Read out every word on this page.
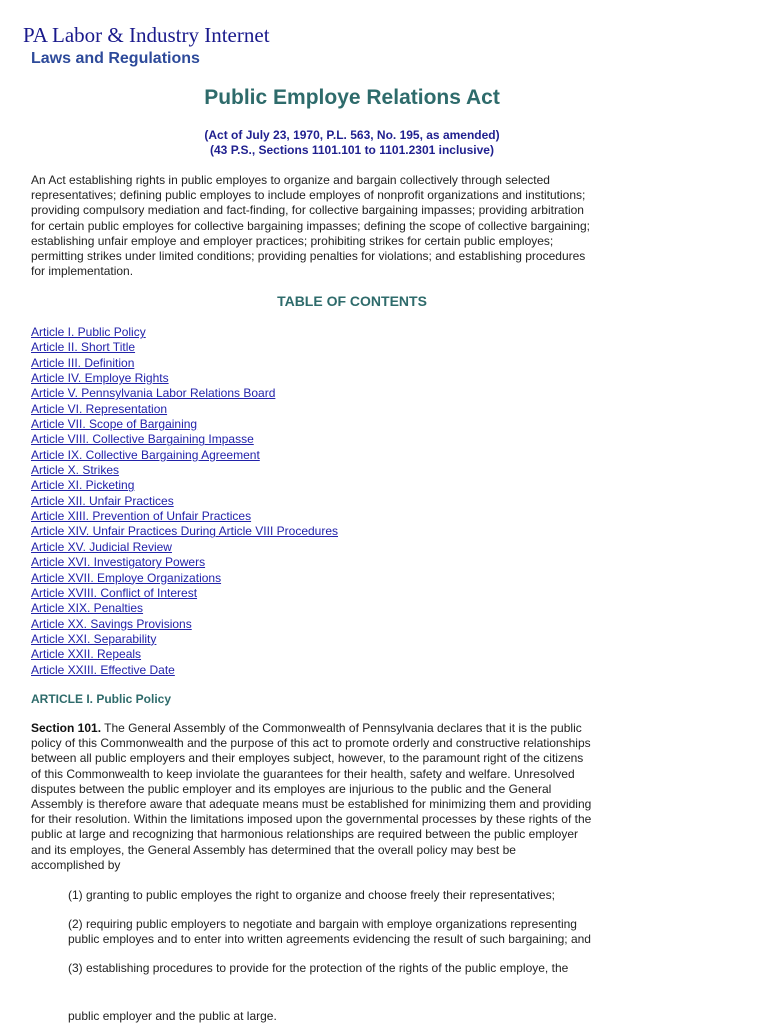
PA Labor & Industry Internet
Laws and Regulations
Public Employe Relations Act
(Act of July 23, 1970, P.L. 563, No. 195, as amended)
(43 P.S., Sections 1101.101 to 1101.2301 inclusive)
An Act establishing rights in public employes to organize and bargain collectively through selected
representatives; defining public employes to include employes of nonprofit organizations and institutions;
providing compulsory mediation and fact-finding, for collective bargaining impasses; providing arbitration
for certain public employes for collective bargaining impasses; defining the scope of collective bargaining;
establishing unfair employe and employer practices; prohibiting strikes for certain public employes;
permitting strikes under limited conditions; providing penalties for violations; and establishing procedures
for implementation.
TABLE OF CONTENTS
Article I. Public Policy
Article II. Short Title
Article III. Definition
Article IV. Employe Rights
Article V. Pennsylvania Labor Relations Board
Article VI. Representation
Article VII. Scope of Bargaining
Article VIII. Collective Bargaining Impasse
Article IX. Collective Bargaining Agreement
Article X. Strikes
Article XI. Picketing
Article XII. Unfair Practices
Article XIII. Prevention of Unfair Practices
Article XIV. Unfair Practices During Article VIII Procedures
Article XV. Judicial Review
Article XVI. Investigatory Powers
Article XVII. Employe Organizations
Article XVIII. Conflict of Interest
Article XIX. Penalties
Article XX. Savings Provisions
Article XXI. Separability
Article XXII. Repeals
Article XXIII. Effective Date
ARTICLE I. Public Policy
Section 101. The General Assembly of the Commonwealth of Pennsylvania declares that it is the public
policy of this Commonwealth and the purpose of this act to promote orderly and constructive relationships
between all public employers and their employes subject, however, to the paramount right of the citizens
of this Commonwealth to keep inviolate the guarantees for their health, safety and welfare. Unresolved
disputes between the public employer and its employes are injurious to the public and the General
Assembly is therefore aware that adequate means must be established for minimizing them and providing
for their resolution. Within the limitations imposed upon the governmental processes by these rights of the
public at large and recognizing that harmonious relationships are required between the public employer
and its employes, the General Assembly has determined that the overall policy may best be
accomplished by
(1) granting to public employes the right to organize and choose freely their representatives;
(2) requiring public employers to negotiate and bargain with employe organizations representing
public employes and to enter into written agreements evidencing the result of such bargaining; and
(3) establishing procedures to provide for the protection of the rights of the public employe, the
public employer and the public at large.
